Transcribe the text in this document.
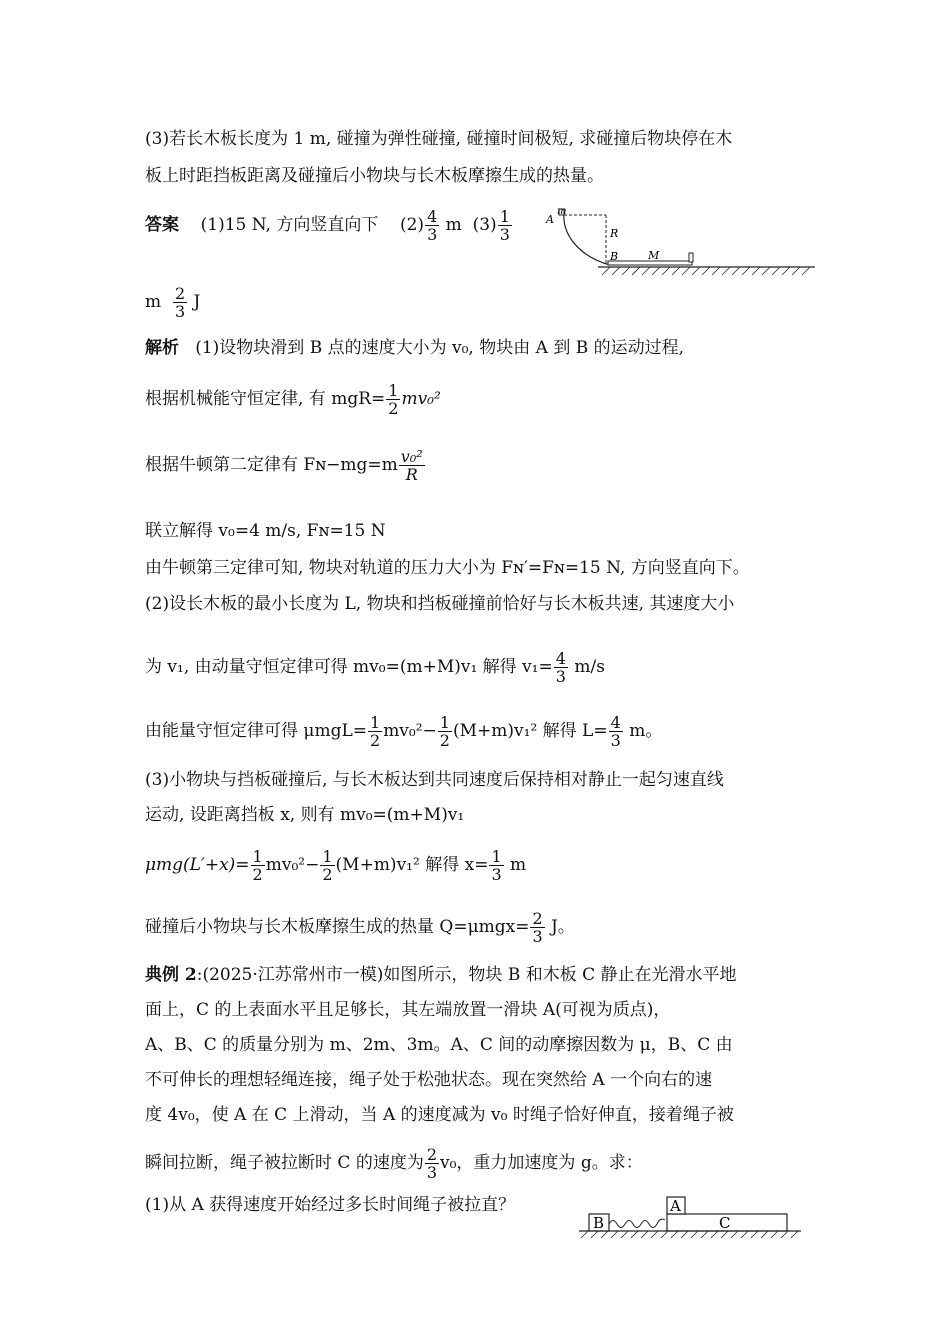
(3)若长木板长度为 1 m, 碰撞为弹性碰撞, 碰撞时间极短, 求碰撞后物块停在木
板上时距挡板距离及碰撞后小物块与长木板摩擦生成的热量。
答案 (1)15 N, 方向竖直向下 $(2) \frac{4}{3}$ m $(3) \frac{1}{3}$	m
A
R
B	M
m $\frac{2}{3}$ J
解析 (1)设物块滑到 B 点的速度大小为 v₀, 物块由 A 到 B 的运动过程,
根据机械能守恒定律, 有 $mgR= \frac{1}{2} mv_0^2$
根据牛顿第二定律有 Fɴ−mg=m $\frac{\text{v₀²}}{R}$
联立解得 v₀=4 m/s, Fɴ=15 N
由牛顿第三定律可知, 物块对轨道的压力大小为 Fɴ′=Fɴ=15 N, 方向竖直向下。
(2)设长木板的最小长度为 L, 物块和挡板碰撞前恰好与长木板共速, 其速度大小
为 v₁, 由动量守恒定律可得 mv₀=(m+M)v₁ 解得 $v_1= \frac{4}{3} m/s$
由能量守恒定律可得 $\mu mgL= \frac{1}{2} mv_0^2- \frac{1}{2} (M+m)v_1^2$ 解得 $L= \frac{4}{3}$ m。
(3)小物块与挡板碰撞后, 与长木板达到共同速度后保持相对静止一起匀速直线
运动, 设距离挡板 x, 则有 mv₀=(m+M)v₁
$\mu mg(L'+x)= \frac{1}{2} mv_0^2- \frac{1}{2} (M+m)v_1^2$ 解得 $x= \frac{1}{3}$ m
碰撞后小物块与长木板摩擦生成的热量 $Q=\mu mgx= \frac{2}{3}$ J。
典例 2:(2025·江苏常州市一模)如图所示，物块 B 和木板 C 静止在光滑水平地
面上，C 的上表面水平且足够长，其左端放置一滑块 A(可视为质点)，
A、B、C 的质量分别为 m、2m、3m。A、C 间的动摩擦因数为 μ，B、C 由
不可伸长的理想轻绳连接，绳子处于松弛状态。现在突然给 A 一个向右的速
度 4v₀，使 A 在 C 上滑动，当 A 的速度减为 v₀ 时绳子恰好伸直，接着绳子被
瞬间拉断，绳子被拉断时 C 的速度为 $\frac{2}{3} v_0$，重力加速度为 g。求：
(1)从 A 获得速度开始经过多长时间绳子被拉直？
B
A
C
